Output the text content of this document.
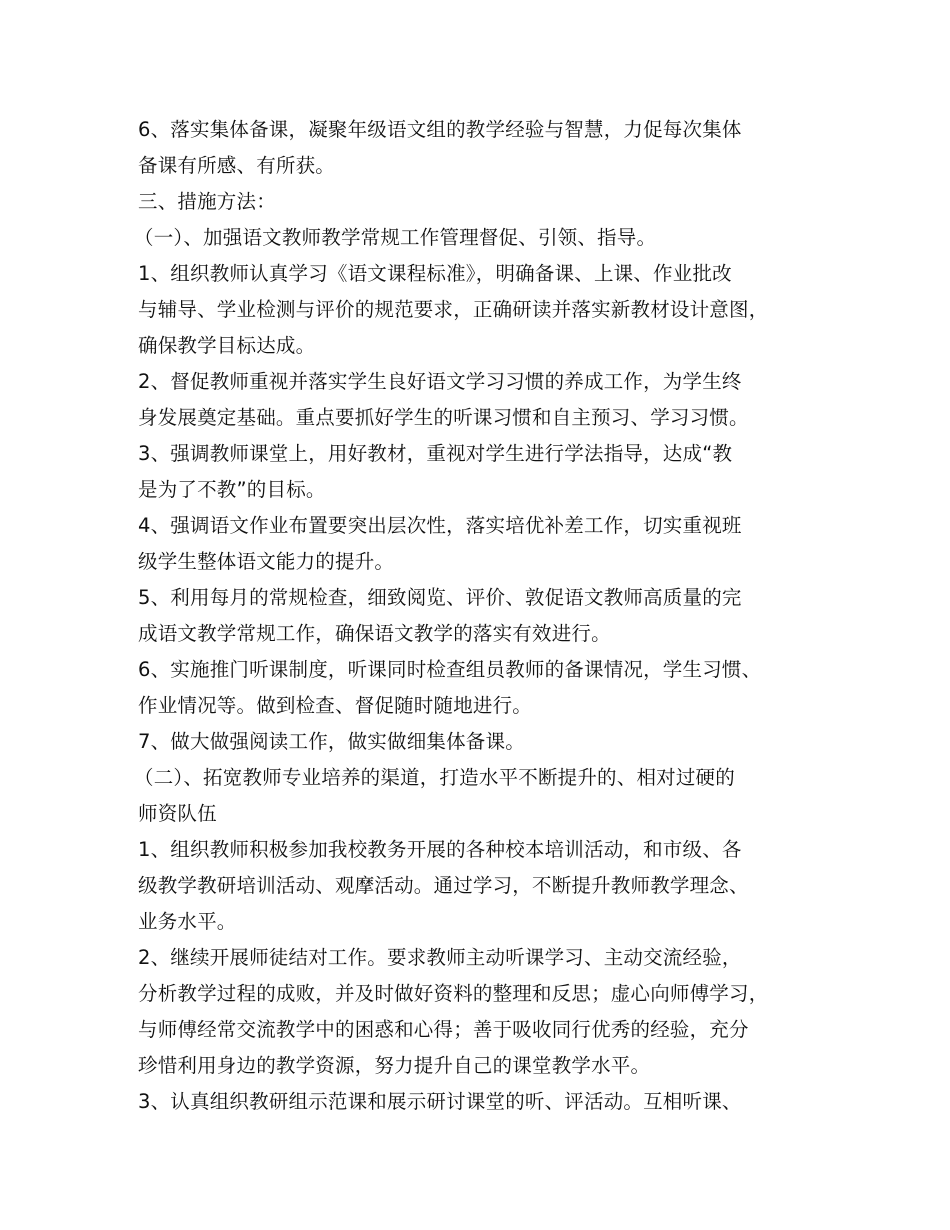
6、落实集体备课，凝聚年级语文组的教学经验与智慧，力促每次集体
备课有所感、有所获。
三、措施方法：
（一）、加强语文教师教学常规工作管理督促、引领、指导。
1、组织教师认真学习《语文课程标准》，明确备课、上课、作业批改
与辅导、学业检测与评价的规范要求，正确研读并落实新教材设计意图，
确保教学目标达成。
2、督促教师重视并落实学生良好语文学习习惯的养成工作，为学生终
身发展奠定基础。重点要抓好学生的听课习惯和自主预习、学习习惯。
3、强调教师课堂上，用好教材，重视对学生进行学法指导，达成“教
是为了不教”的目标。
4、强调语文作业布置要突出层次性，落实培优补差工作，切实重视班
级学生整体语文能力的提升。
5、利用每月的常规检查，细致阅览、评价、敦促语文教师高质量的完
成语文教学常规工作，确保语文教学的落实有效进行。
6、实施推门听课制度，听课同时检查组员教师的备课情况，学生习惯、
作业情况等。做到检查、督促随时随地进行。
7、做大做强阅读工作，做实做细集体备课。
（二）、拓宽教师专业培养的渠道，打造水平不断提升的、相对过硬的
师资队伍
1、组织教师积极参加我校教务开展的各种校本培训活动，和市级、各
级教学教研培训活动、观摩活动。通过学习，不断提升教师教学理念、
业务水平。
2、继续开展师徒结对工作。要求教师主动听课学习、主动交流经验，
分析教学过程的成败，并及时做好资料的整理和反思；虚心向师傅学习，
与师傅经常交流教学中的困惑和心得；善于吸收同行优秀的经验，充分
珍惜利用身边的教学资源，努力提升自己的课堂教学水平。
3、认真组织教研组示范课和展示研讨课堂的听、评活动。互相听课、
